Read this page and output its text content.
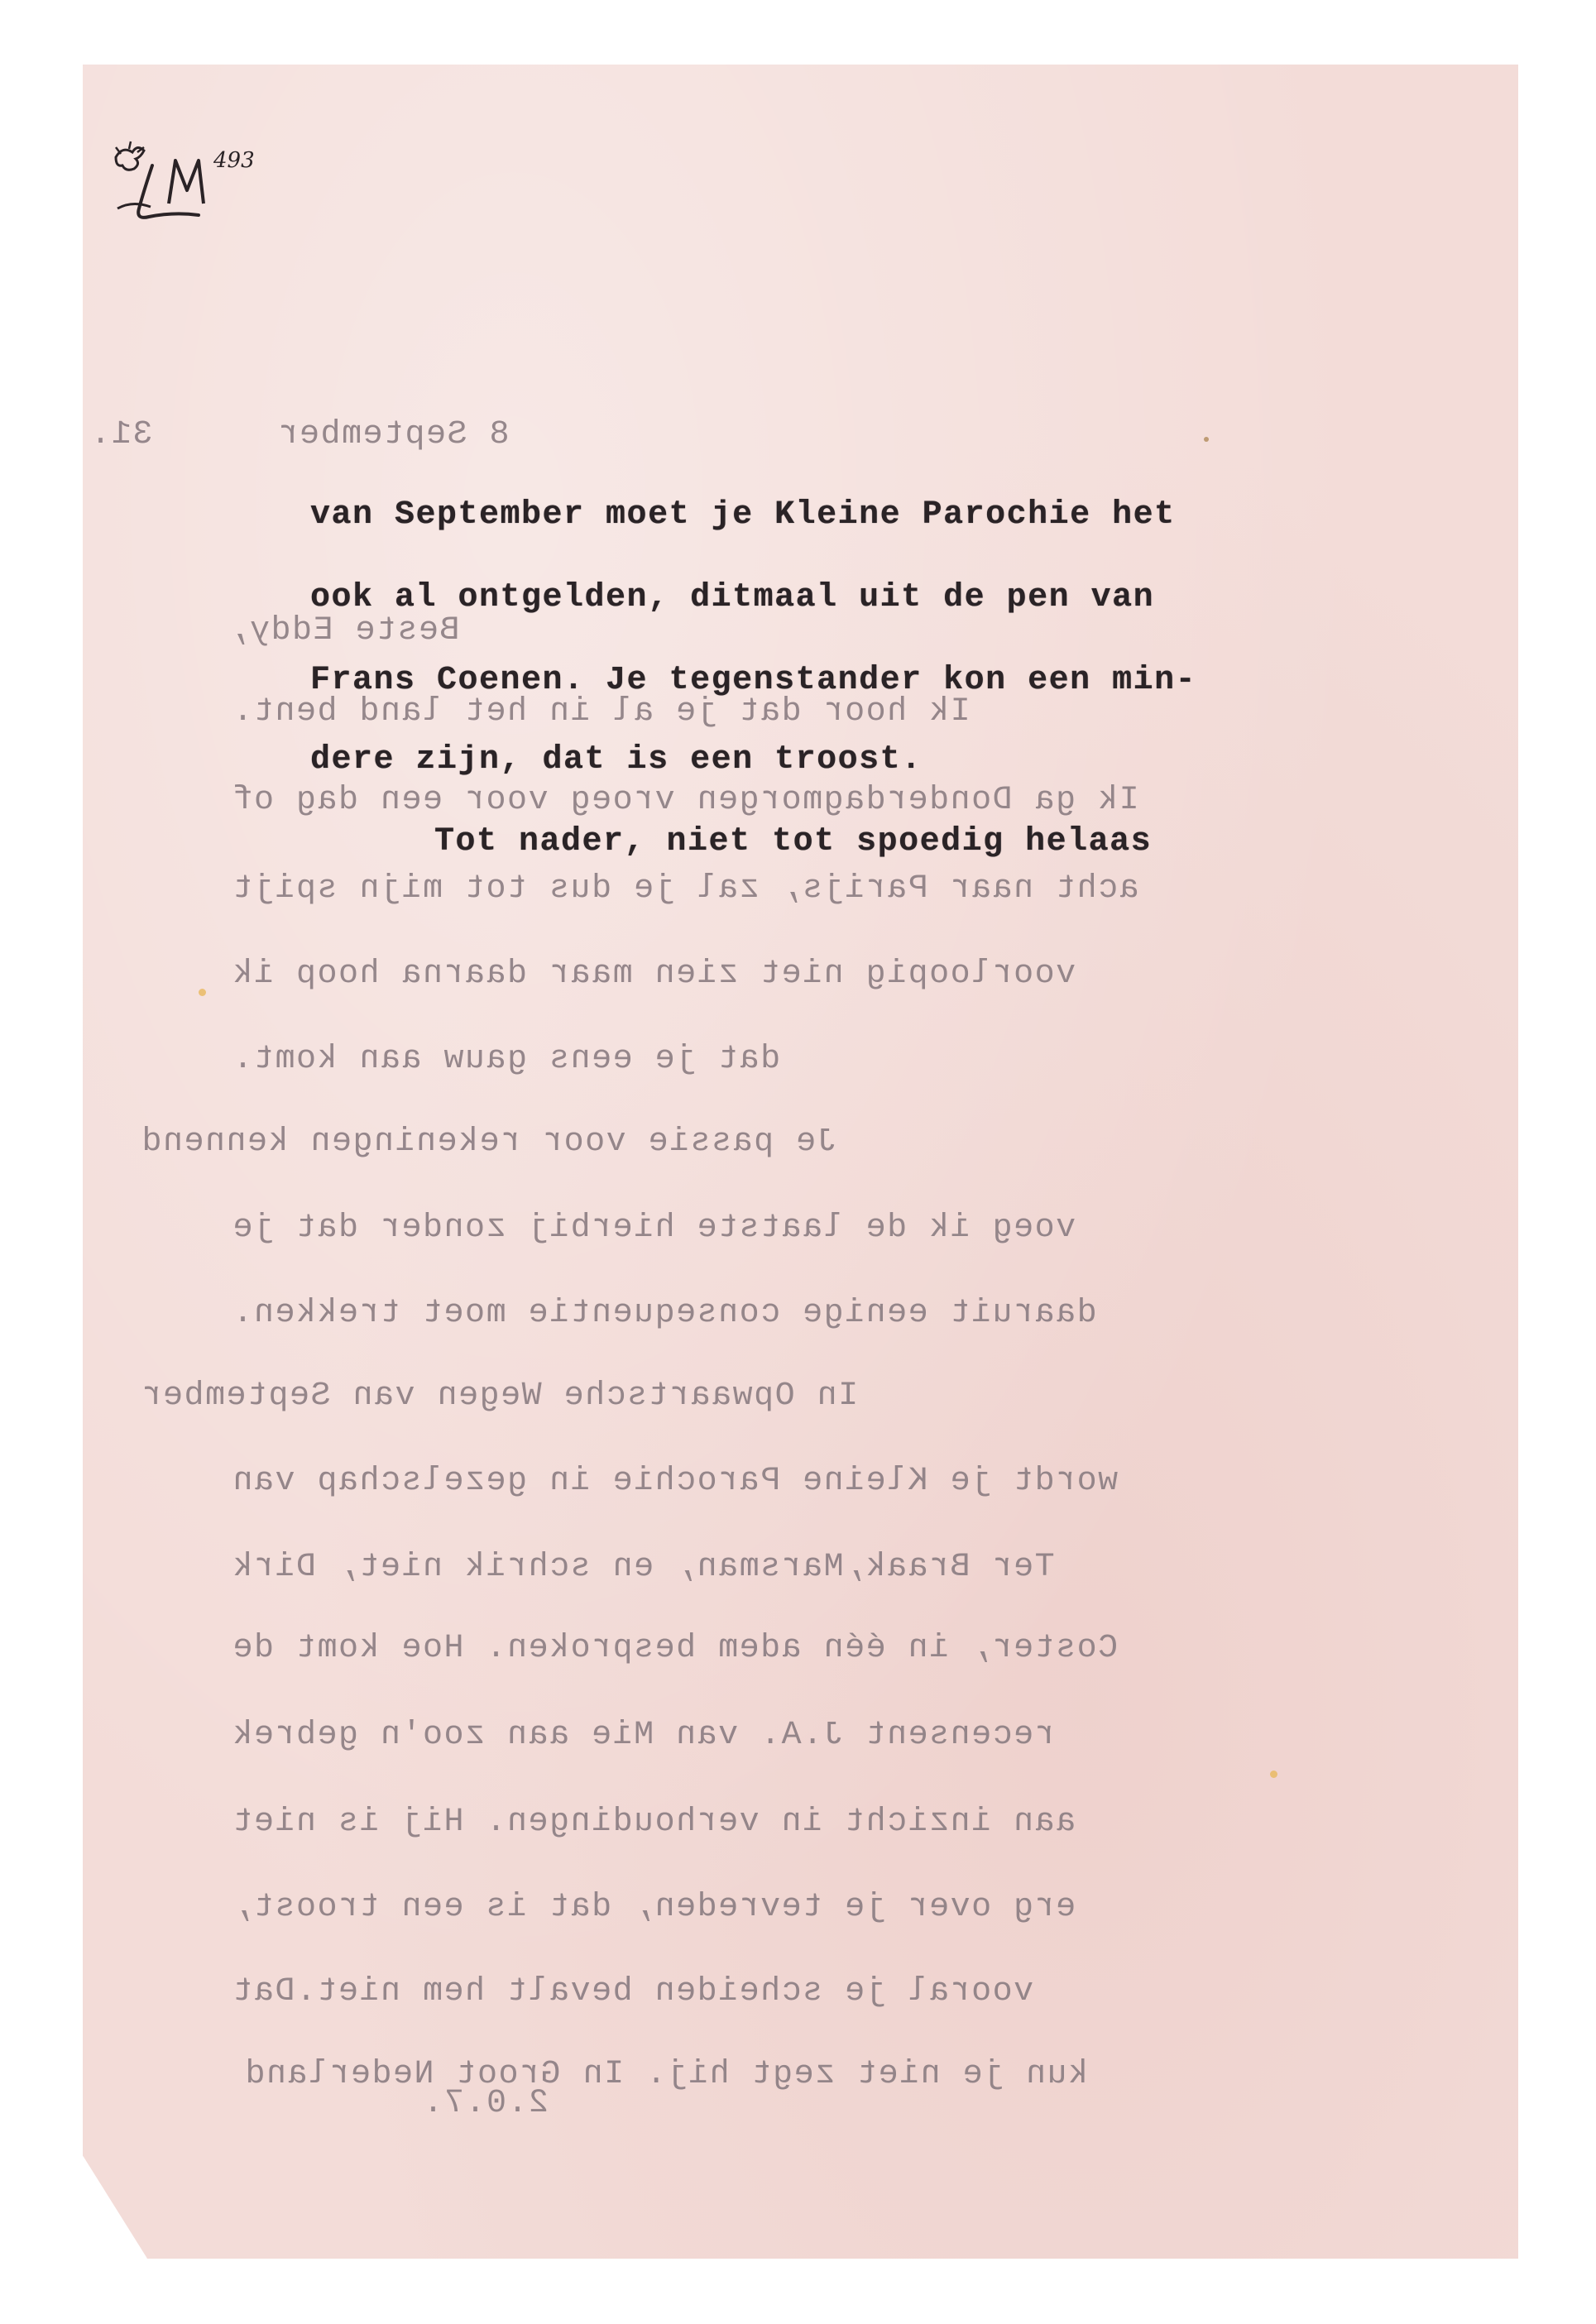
493

31.	8 September

Beste Eddy,

Ik hoor dat je al in het land bent.

Ik ga Donderdagmorgen vroeg voor een dag of

acht naar Parijs, zal je dus tot mijn spijt

voorloopig niet zien maar daarna hoop ik

dat je eens gauw aan komt.

Je passie voor rekeningen kennend

voeg ik de laatste hierbij zonder dat je

daaruit eenige consequentie moet trekken.

In Opwaartsche Wegen van September

wordt je Kleine Parochie in gezelschap van

Ter Braak,Marsman, en schrik niet, Dirk

Coster, in één adem besproken. Hoe komt de

recensent J.A. van Mie aan zoo'n gebrek

aan inzicht in verhoudingen. Hij is niet

erg over je tevreden, dat is een troost,

vooral je scheiden bevalt hem niet.Dat

kun je niet zegt hij. In Groot Nederland

2.0.7.

van September moet je Kleine Parochie het

ook al ontgelden, ditmaal uit de pen van

Frans Coenen. Je tegenstander kon een min-

dere zijn, dat is een troost.

Tot nader, niet tot spoedig helaas
